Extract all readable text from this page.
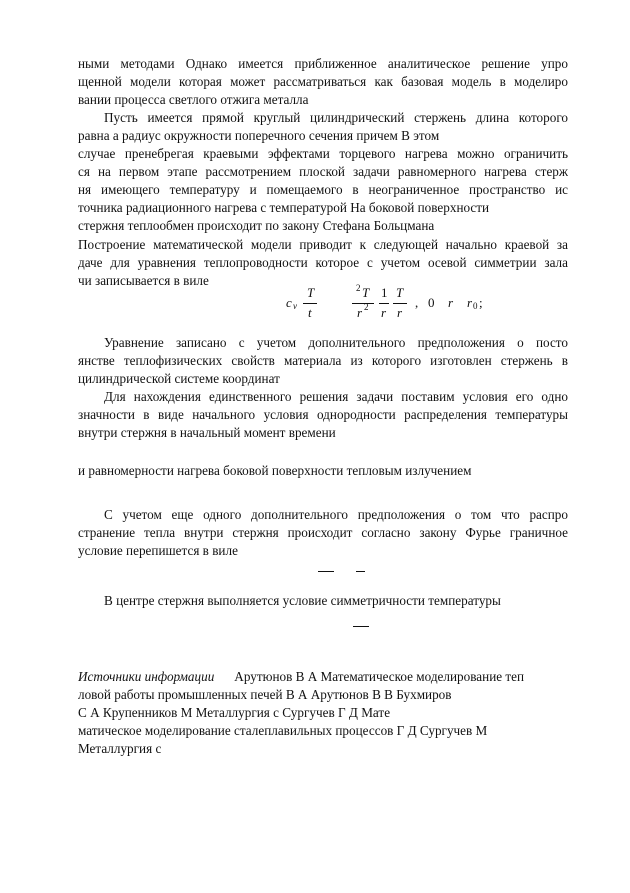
ными методами Однако имеется приближенное аналитическое решение упро
щенной модели которая может рассматриваться как базовая модель в моделиро
вании процесса светлого отжига металла
Пусть имеется прямой круглый цилиндрический стержень длина которого
равна а радиус окружности поперечного сечения причем В этом
случае пренебрегая краевыми эффектами торцевого нагрева можно ограничить
ся на первом этапе рассмотрением плоской задачи равномерного нагрева стерж
ня имеющего температуру и помещаемого в неограниченное пространство ис
точника радиационного нагрева с температурой На боковой поверхности
стержня теплообмен происходит по закону Стефана Больцмана
Построение математической модели приводит к следующей начально краевой за
даче для уравнения теплопроводности которое с учетом осевой симметрии зала
чи записывается в виле
c v
T
t
2 T
r 2
1
r
T
r
, 0 r r 0 ;
Уравнение записано с учетом дополнительного предположения о посто
янстве теплофизических свойств материала из которого изготовлен стержень в
цилиндрической системе координат
Для нахождения единственного решения задачи поставим условия его одно
значности в виде начального условия однородности распределения температуры
внутри стержня в начальный момент времени
и равномерности нагрева боковой поверхности тепловым излучением
С учетом еще одного дополнительного предположения о том что распро
странение тепла внутри стержня происходит согласно закону Фурье граничное
условие перепишется в виле
В центре стержня выполняется условие симметричности температуры
Источники информации Арутюнов В А Математическое моделирование теп
ловой работы промышленных печей В А Арутюнов В В Бухмиров
С А Крупенников М Металлургия с Сургучев Г Д Мате
матическое моделирование сталеплавильных процессов Г Д Сургучев М
Металлургия с
